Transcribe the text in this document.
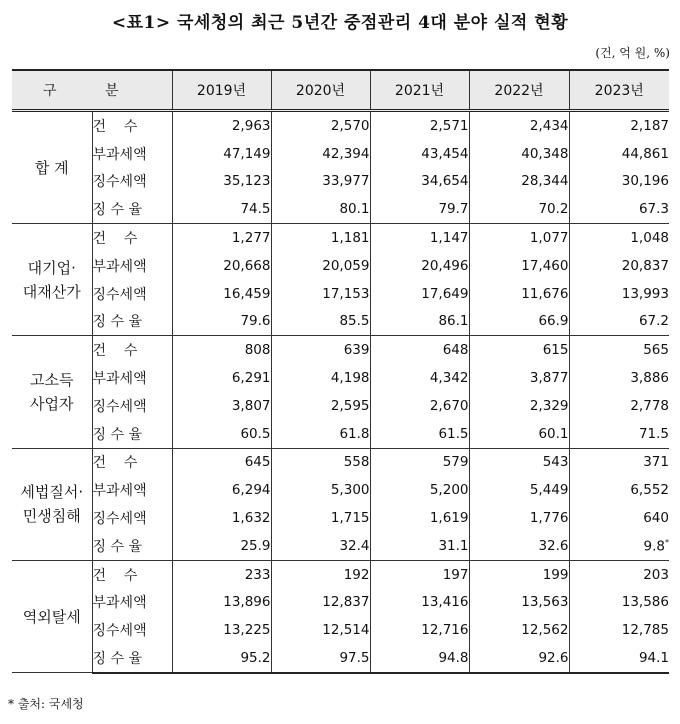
<표1> 국세청의 최근 5년간 중점관리 4대 분야 실적 현황
(건, 억 원, %)
구 분		2019년	2020년	2021년	2022년	2023년

합 계	건    수	2,963	2,570	2,571	2,434	2,187
	부과세액	47,149	42,394	43,454	40,348	44,861
	징수세액	35,123	33,977	34,654	28,344	30,196
	징 수 율	74.5	80.1	79.7	70.2	67.3

대기업·
대재산가	건    수	1,277	1,181	1,147	1,077	1,048
	부과세액	20,668	20,059	20,496	17,460	20,837
	징수세액	16,459	17,153	17,649	11,676	13,993
	징 수 율	79.6	85.5	86.1	66.9	67.2

고소득
사업자	건    수	808	639	648	615	565
	부과세액	6,291	4,198	4,342	3,877	3,886
	징수세액	3,807	2,595	2,670	2,329	2,778
	징 수 율	60.5	61.8	61.5	60.1	71.5

세법질서·
민생침해	건    수	645	558	579	543	371
	부과세액	6,294	5,300	5,200	5,449	6,552
	징수세액	1,632	1,715	1,619	1,776	640
	징 수 율	25.9	32.4	31.1	32.6	9.8*

역외탈세	건    수	233	192	197	199	203
	부과세액	13,896	12,837	13,416	13,563	13,586
	징수세액	13,225	12,514	12,716	12,562	12,785
	징 수 율	95.2	97.5	94.8	92.6	94.1
* 출처: 국세청
